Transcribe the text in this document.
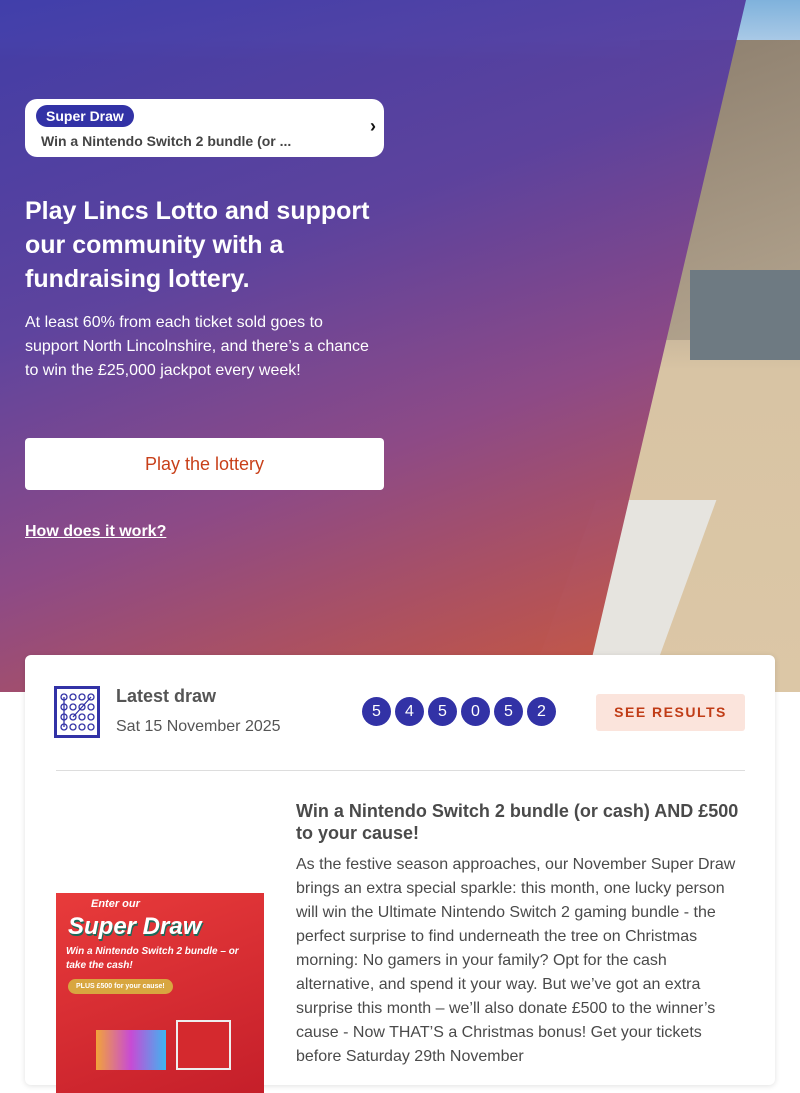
Super Draw
Win a Nintendo Switch 2 bundle (or ...
›
Play Lincs Lotto and support our community with a fundraising lottery.

At least 60% from each ticket sold goes to support North Lincolnshire, and there’s a chance to win the £25,000 jackpot every week!

Play the lottery
How does it work?
Latest draw
Sat 15 November 2025
5	4	5	0	5	2	SEE RESULTS
Enter our
Super Draw
Win a Nintendo Switch 2 bundle – or take the cash!
PLUS £500 for your cause!
Win a Nintendo Switch 2 bundle (or cash) AND £500 to your cause!

As the festive season approaches, our November Super Draw brings an extra special sparkle: this month, one lucky person will win the Ultimate Nintendo Switch 2 gaming bundle - the perfect surprise to find underneath the tree on Christmas morning: No gamers in your family? Opt for the cash alternative, and spend it your way. But we’ve got an extra surprise this month – we’ll also donate £500 to the winner’s cause - Now THAT’S a Christmas bonus! Get your tickets before Saturday 29th November
